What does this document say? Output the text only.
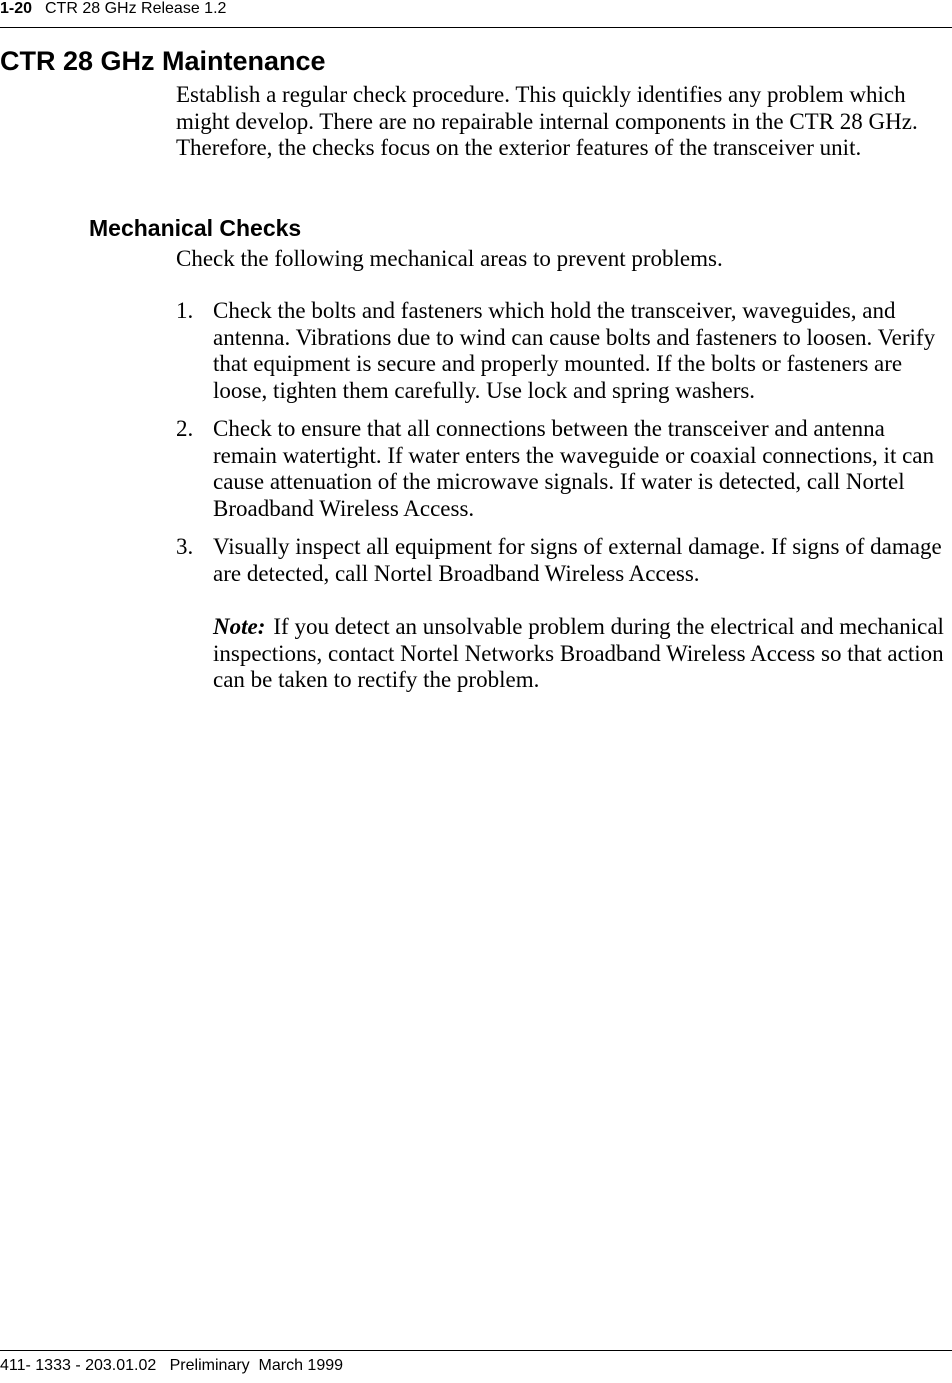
1-20 CTR 28 GHz Release 1.2
CTR 28 GHz Maintenance

Establish a regular check procedure. This quickly identifies any problem which might develop. There are no repairable internal components in the CTR 28 GHz. Therefore, the checks focus on the exterior features of the transceiver unit.

Mechanical Checks

Check the following mechanical areas to prevent problems.

1. Check the bolts and fasteners which hold the transceiver, waveguides, and antenna. Vibrations due to wind can cause bolts and fasteners to loosen. Verify that equipment is secure and properly mounted. If the bolts or fasteners are loose, tighten them carefully. Use lock and spring washers.
2. Check to ensure that all connections between the transceiver and antenna remain watertight. If water enters the waveguide or coaxial connections, it can cause attenuation of the microwave signals. If water is detected, call Nortel Broadband Wireless Access.
3. Visually inspect all equipment for signs of external damage. If signs of damage are detected, call Nortel Broadband Wireless Access.

Note: If you detect an unsolvable problem during the electrical and mechanical inspections, contact Nortel Networks Broadband Wireless Access so that action can be taken to rectify the problem.

411- 1333 - 203.01.02 Preliminary March 1999
